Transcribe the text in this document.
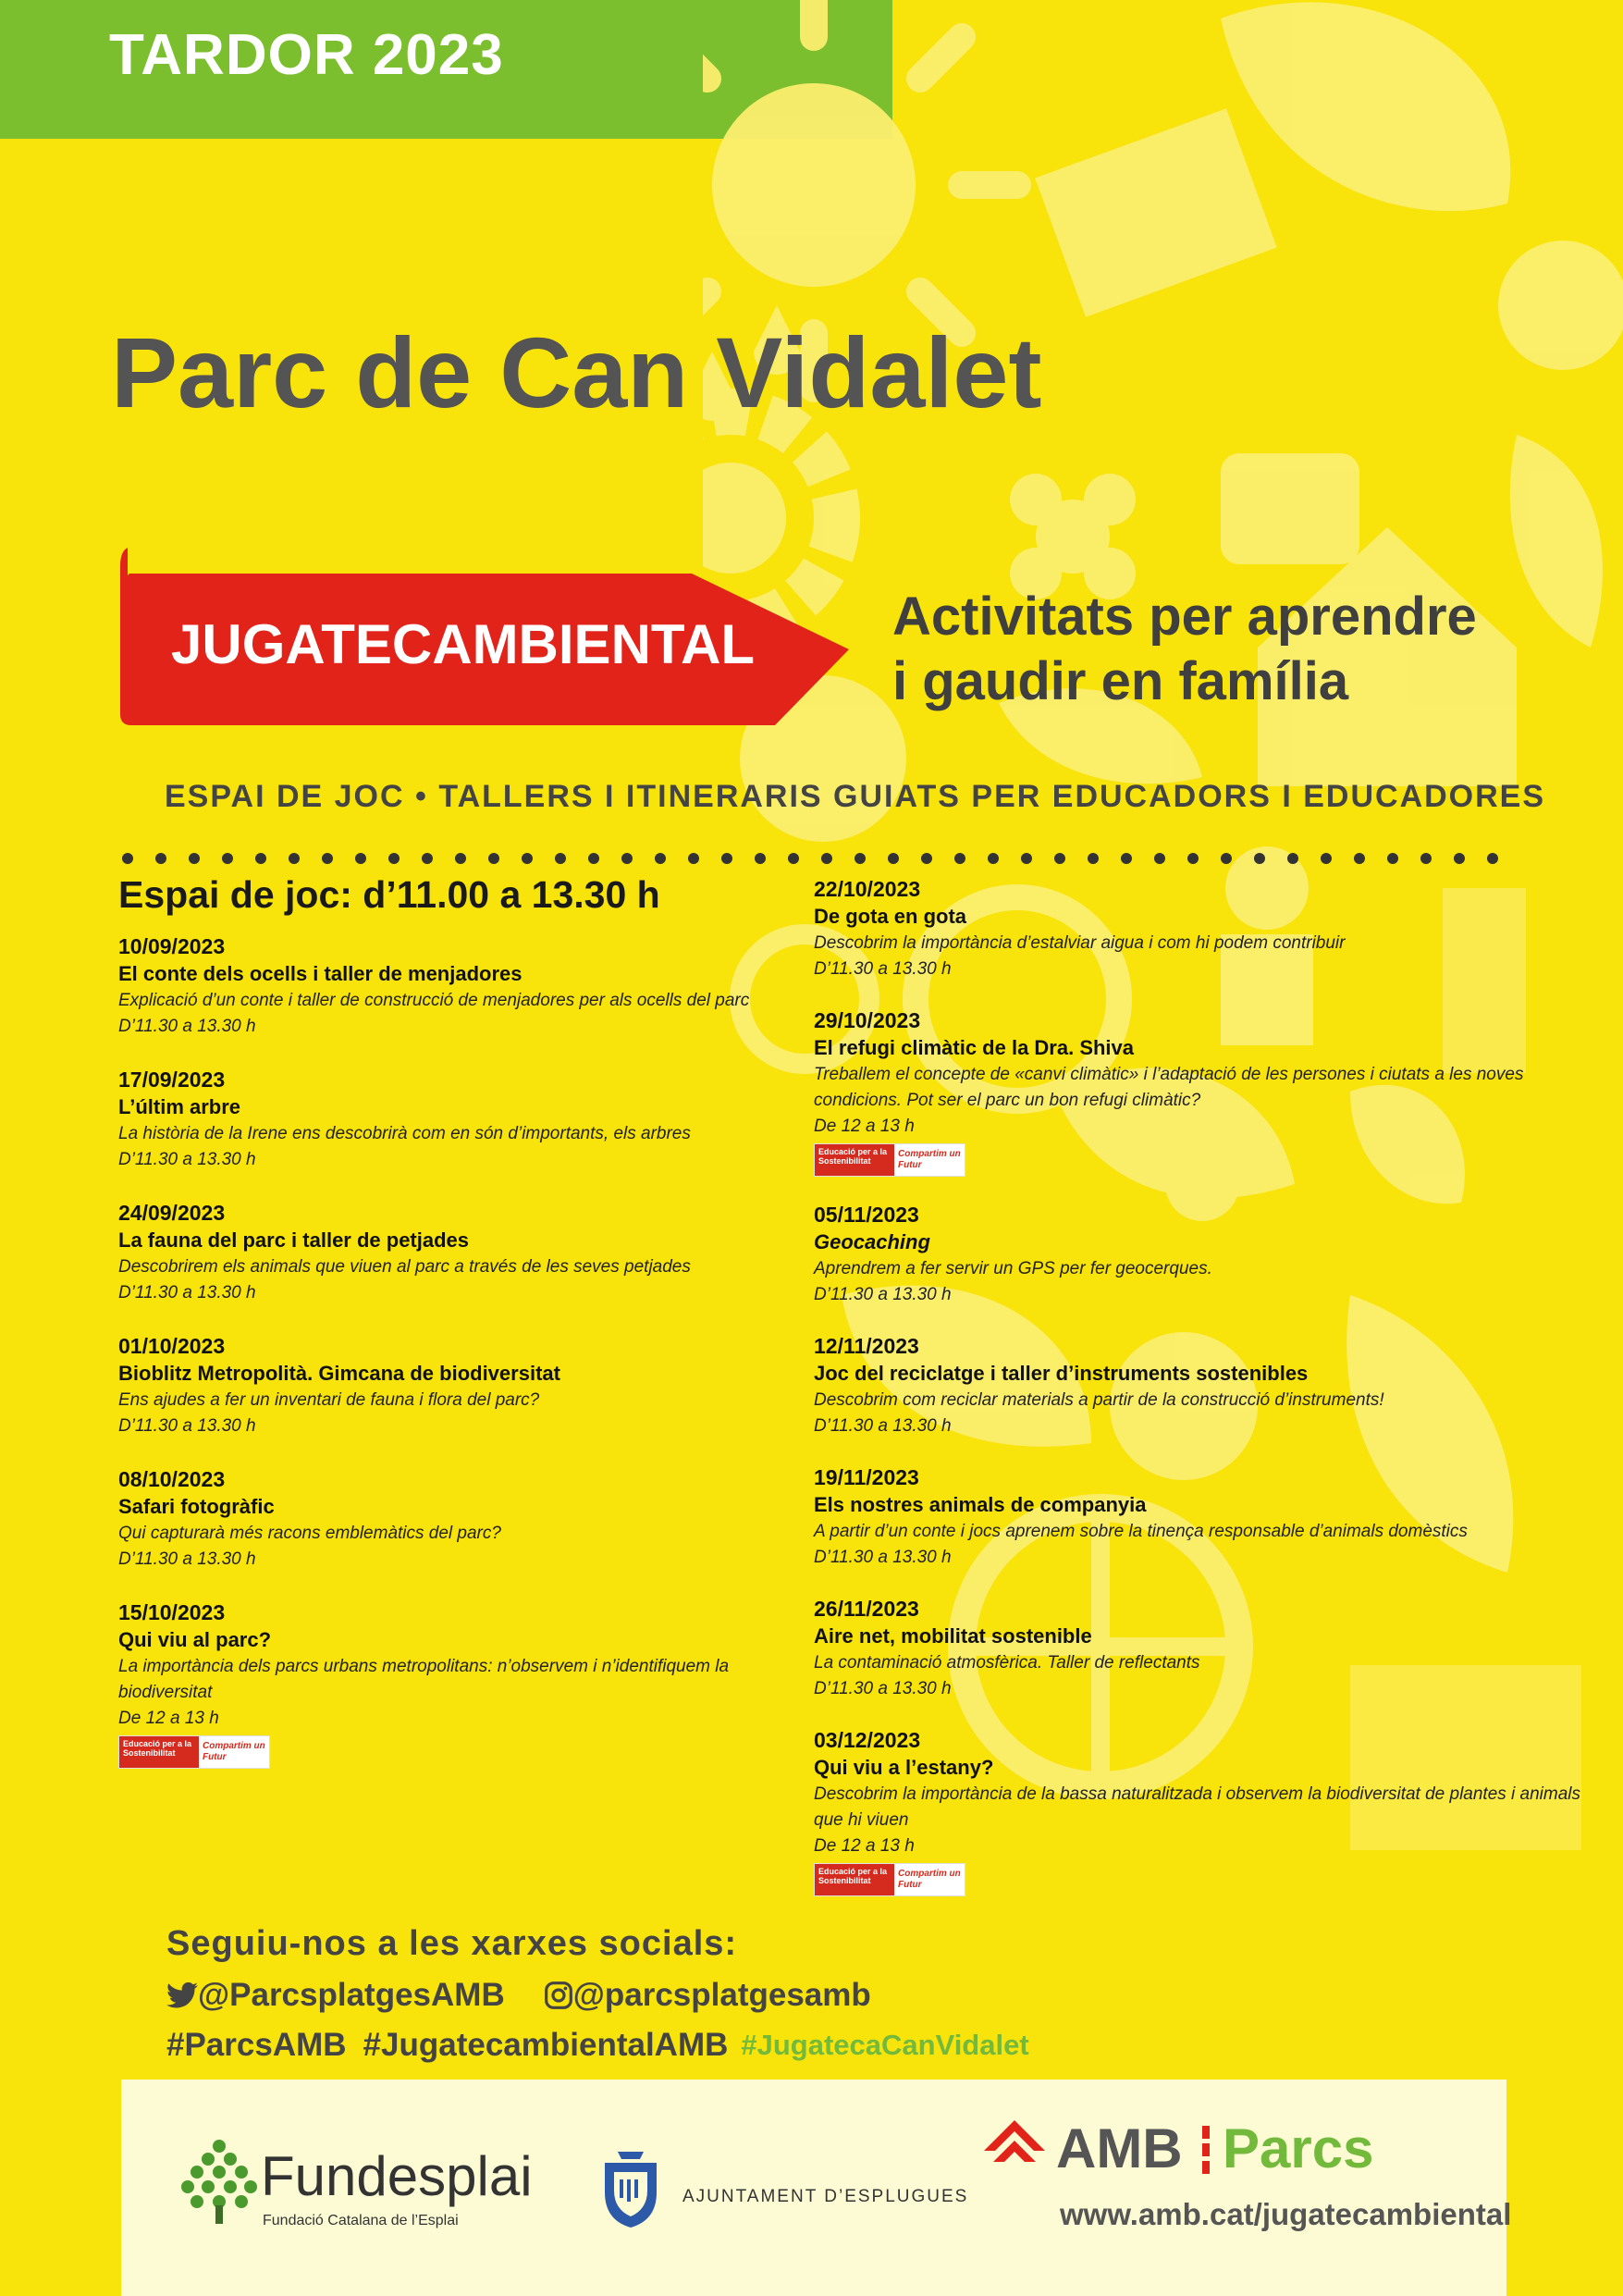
TARDOR 2023
Parc de Can Vidalet
JUGATECAMBIENTAL	Activitats per aprendre
i gaudir en família
ESPAI DE JOC • TALLERS I ITINERARIS GUIATS PER EDUCADORS I EDUCADORES
Espai de joc: d’11.00 a 13.30 h
10/09/2023
El conte dels ocells i taller de menjadores
Explicació d’un conte i taller de construcció de menjadores per als ocells del parc
D’11.30 a 13.30 h
17/09/2023
L’últim arbre
La història de la Irene ens descobrirà com en són d’importants, els arbres
D’11.30 a 13.30 h
24/09/2023
La fauna del parc i taller de petjades
Descobrirem els animals que viuen al parc a través de les seves petjades
D’11.30 a 13.30 h
01/10/2023
Bioblitz Metropolità. Gimcana de biodiversitat
Ens ajudes a fer un inventari de fauna i flora del parc?
D’11.30 a 13.30 h
08/10/2023
Safari fotogràfic
Qui capturarà més racons emblemàtics del parc?
D’11.30 a 13.30 h
15/10/2023
Qui viu al parc?
La importància dels parcs urbans metropolitans: n’observem i n’identifiquem la biodiversitat
De 12 a 13 h
Educació per a la Sostenibilitat
Compartim un Futur
22/10/2023
De gota en gota
Descobrim la importància d’estalviar aigua i com hi podem contribuir
D’11.30 a 13.30 h
29/10/2023
El refugi climàtic de la Dra. Shiva
Treballem el concepte de «canvi climàtic» i l’adaptació de les persones i ciutats a les noves condicions. Pot ser el parc un bon refugi climàtic?
De 12 a 13 h
Educació per a la Sostenibilitat
Compartim un Futur
05/11/2023
Geocaching
Aprendrem a fer servir un GPS per fer geocerques.
D’11.30 a 13.30 h
12/11/2023
Joc del reciclatge i taller d’instruments sostenibles
Descobrim com reciclar materials a partir de la construcció d’instruments!
D’11.30 a 13.30 h
19/11/2023
Els nostres animals de companyia
A partir d’un conte i jocs aprenem sobre la tinença responsable d’animals domèstics
D’11.30 a 13.30 h
26/11/2023
Aire net, mobilitat sostenible
La contaminació atmosfèrica. Taller de reflectants
D’11.30 a 13.30 h
03/12/2023
Qui viu a l’estany?
Descobrim la importància de la bassa naturalitzada i observem la biodiversitat de plantes i animals que hi viuen
De 12 a 13 h
Educació per a la Sostenibilitat
Compartim un Futur
Seguiu-nos a les xarxes socials:
@ParcsplatgesAMB @parcsplatgesamb
#ParcsAMB #JugatecambientalAMB #JugatecaCanVidalet
Fundesplai
Fundació Catalana de l’Esplai
AJUNTAMENT D’ESPLUGUES
AMB Parcs
www.amb.cat/jugatecambiental
